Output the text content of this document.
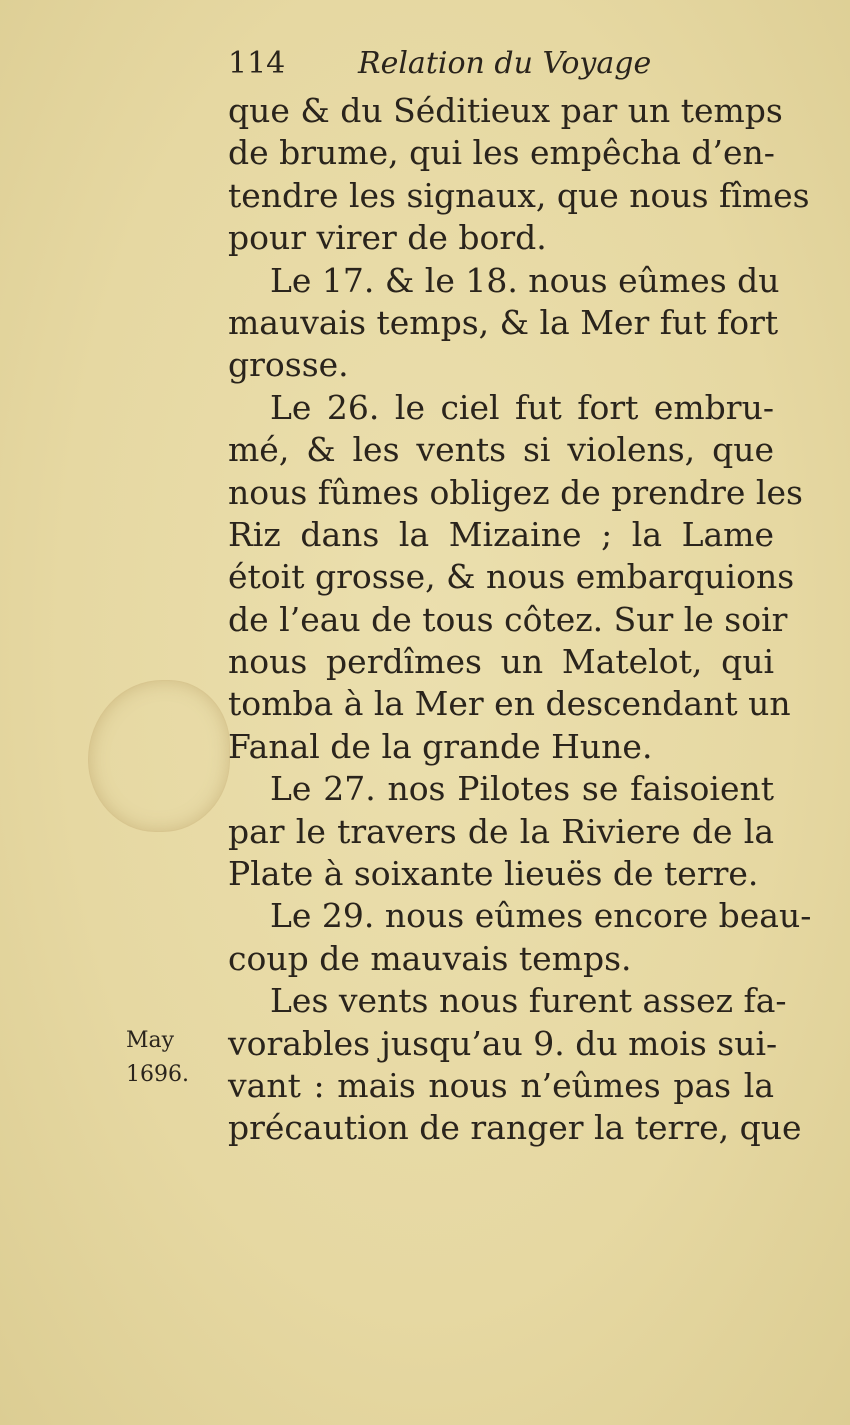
114 Relation du Voyage
que & du Séditieux par un temps
de brume, qui les empêcha d’en-
tendre les signaux, que nous fîmes
pour virer de bord.
Le 17. & le 18. nous eûmes du
mauvais temps, & la Mer fut fort
grosse.
Le 26. le ciel fut fort embru-
mé, & les vents si violens, que
nous fûmes obligez de prendre les
Riz dans la Mizaine ; la Lame
étoit grosse, & nous embarquions
de l’eau de tous côtez. Sur le soir
nous perdîmes un Matelot, qui
tomba à la Mer en descendant un
Fanal de la grande Hune.
Le 27. nos Pilotes se faisoient
par le travers de la Riviere de la
Plate à soixante lieuës de terre.
Le 29. nous eûmes encore beau-
coup de mauvais temps.
Les vents nous furent assez fa-
vorables jusqu’au 9. du mois sui-
vant : mais nous n’eûmes pas la
précaution de ranger la terre, que
May
1696.
